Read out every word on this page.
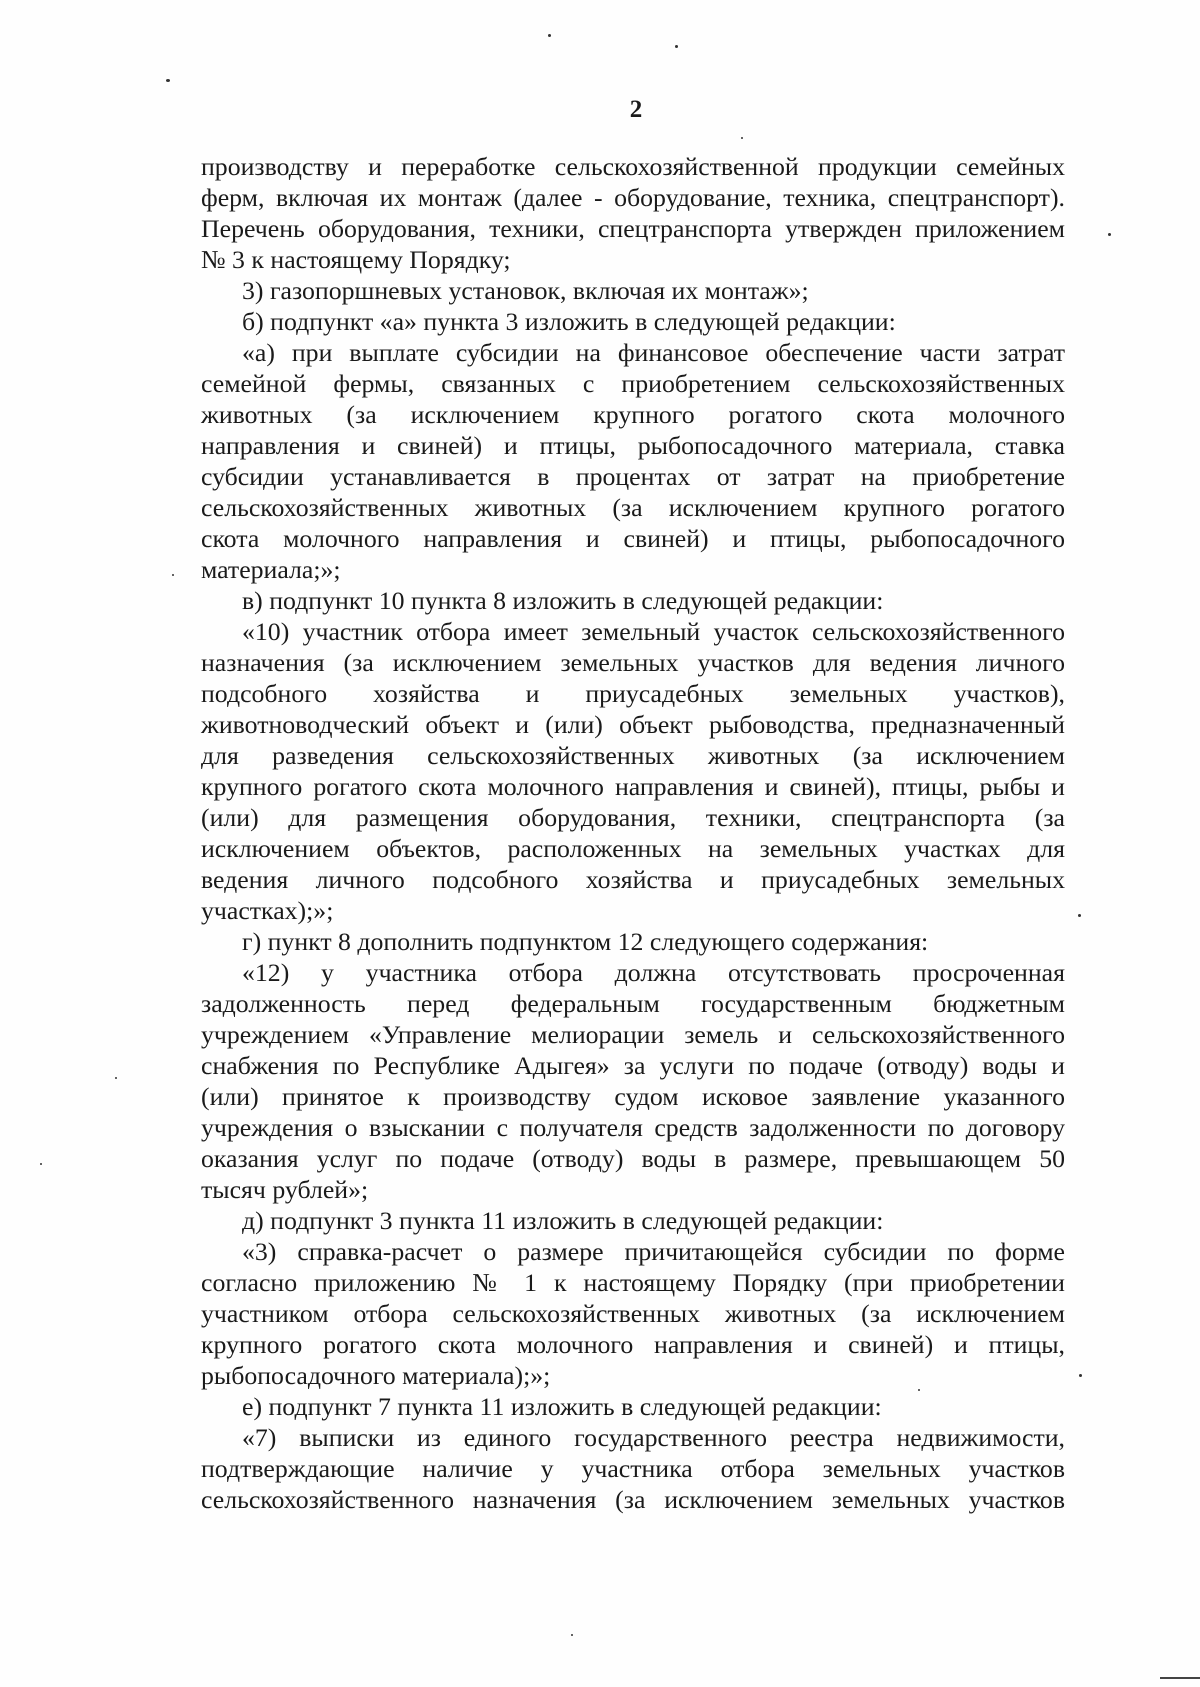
2
производству и переработке сельскохозяйственной продукции семейных
ферм, включая их монтаж (далее - оборудование, техника, спецтранспорт).
Перечень оборудования, техники, спецтранспорта утвержден приложением
№ 3 к настоящему Порядку;
3) газопоршневых установок, включая их монтаж»;
б) подпункт «а» пункта 3 изложить в следующей редакции:
«а) при выплате субсидии на финансовое обеспечение части затрат
семейной фермы, связанных с приобретением сельскохозяйственных
животных (за исключением крупного рогатого скота молочного
направления и свиней) и птицы, рыбопосадочного материала, ставка
субсидии устанавливается в процентах от затрат на приобретение
сельскохозяйственных животных (за исключением крупного рогатого
скота молочного направления и свиней) и птицы, рыбопосадочного
материала;»;
в) подпункт 10 пункта 8 изложить в следующей редакции:
«10) участник отбора имеет земельный участок сельскохозяйственного
назначения (за исключением земельных участков для ведения личного
подсобного хозяйства и приусадебных земельных участков),
животноводческий объект и (или) объект рыбоводства, предназначенный
для разведения сельскохозяйственных животных (за исключением
крупного рогатого скота молочного направления и свиней), птицы, рыбы и
(или) для размещения оборудования, техники, спецтранспорта (за
исключением объектов, расположенных на земельных участках для
ведения личного подсобного хозяйства и приусадебных земельных
участках);»;
г) пункт 8 дополнить подпунктом 12 следующего содержания:
«12) у участника отбора должна отсутствовать просроченная
задолженность перед федеральным государственным бюджетным
учреждением «Управление мелиорации земель и сельскохозяйственного
снабжения по Республике Адыгея» за услуги по подаче (отводу) воды и
(или) принятое к производству судом исковое заявление указанного
учреждения о взыскании с получателя средств задолженности по договору
оказания услуг по подаче (отводу) воды в размере, превышающем 50
тысяч рублей»;
д) подпункт 3 пункта 11 изложить в следующей редакции:
«3) справка-расчет о размере причитающейся субсидии по форме
согласно приложению № 1 к настоящему Порядку (при приобретении
участником отбора сельскохозяйственных животных (за исключением
крупного рогатого скота молочного направления и свиней) и птицы,
рыбопосадочного материала);»;
е) подпункт 7 пункта 11 изложить в следующей редакции:
«7) выписки из единого государственного реестра недвижимости,
подтверждающие наличие у участника отбора земельных участков
сельскохозяйственного назначения (за исключением земельных участков
